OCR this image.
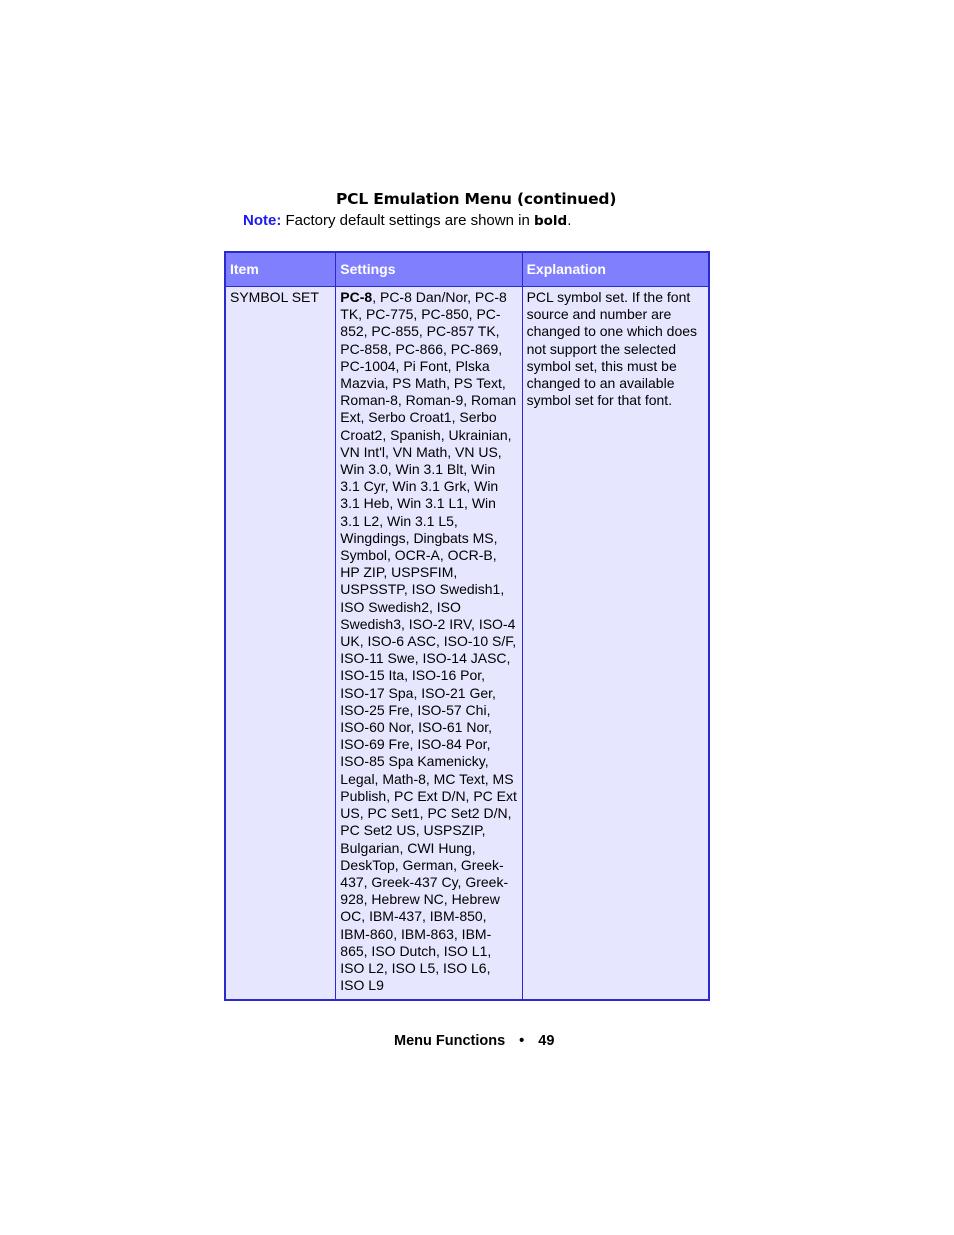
PCL Emulation Menu (continued)
Note: Factory default settings are shown in bold.
Item	Settings	Explanation
SYMBOL SET	PC-8, PC-8 Dan/Nor, PC-8 TK, PC-775, PC-850, PC-852, PC-855, PC-857 TK, PC-858, PC-866, PC-869, PC-1004, Pi Font, Plska Mazvia, PS Math, PS Text, Roman-8, Roman-9, Roman Ext, Serbo Croat1, Serbo Croat2, Spanish, Ukrainian, VN Int'l, VN Math, VN US, Win 3.0, Win 3.1 Blt, Win 3.1 Cyr, Win 3.1 Grk, Win 3.1 Heb, Win 3.1 L1, Win 3.1 L2, Win 3.1 L5, Wingdings, Dingbats MS, Symbol, OCR-A, OCR-B, HP ZIP, USPSFIM, USPSSTP, ISO Swedish1, ISO Swedish2, ISO Swedish3, ISO-2 IRV, ISO-4 UK, ISO-6 ASC, ISO-10 S/F, ISO-11 Swe, ISO-14 JASC, ISO-15 Ita, ISO-16 Por, ISO-17 Spa, ISO-21 Ger, ISO-25 Fre, ISO-57 Chi, ISO-60 Nor, ISO-61 Nor, ISO-69 Fre, ISO-84 Por, ISO-85 Spa Kamenicky, Legal, Math-8, MC Text, MS Publish, PC Ext D/N, PC Ext US, PC Set1, PC Set2 D/N, PC Set2 US, USPSZIP, Bulgarian, CWI Hung, DeskTop, German, Greek-437, Greek-437 Cy, Greek-928, Hebrew NC, Hebrew OC, IBM-437, IBM-850, IBM-860, IBM-863, IBM-865, ISO Dutch, ISO L1, ISO L2, ISO L5, ISO L6, ISO L9	PCL symbol set. If the font source and number are changed to one which does not support the selected symbol set, this must be changed to an available symbol set for that font.
Menu Functions • 49
